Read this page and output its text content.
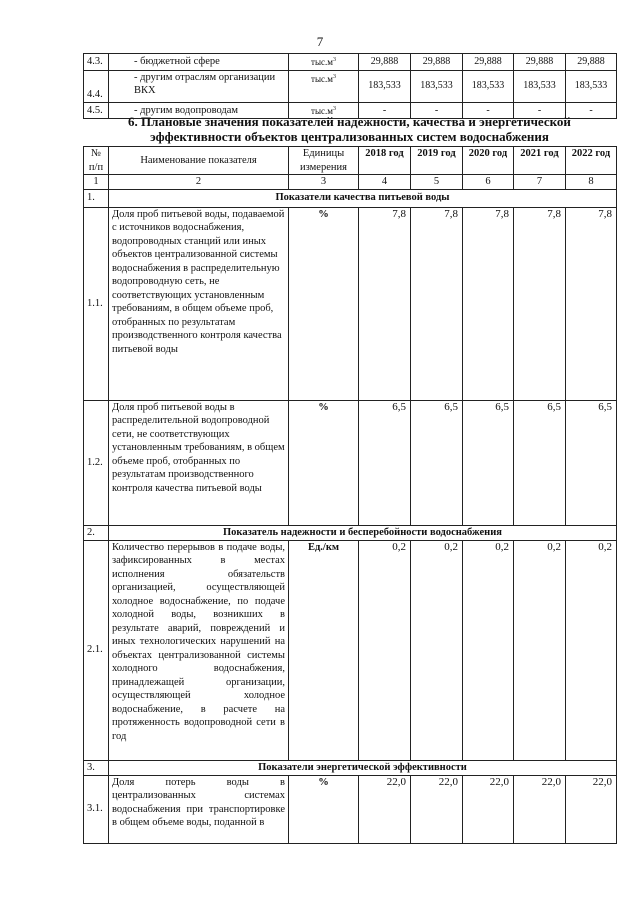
7
4.3.	- бюджетной сфере	$тыс.м^3$	29,888	29,888	29,888	29,888	29,888
4.4.	- другим отраслям организации ВКХ	$тыс.м^3$	183,533	183,533	183,533	183,533	183,533
4.5.	- другим водопроводам	$тыс.м^3$	-	-	-	-	-
6. Плановые значения показателей надежности, качества и энергетической эффективности объектов централизованных систем водоснабжения
№ п/п	Наименование показателя	Единицы измерения	2018 год	2019 год	2020 год	2021 год	2022 год
1	2	3	4	5	6	7	8
1.	Показатели качества питьевой воды						
1.1.	Доля проб питьевой воды, подаваемой с источников водоснабжения, водопроводных станций или иных объектов централизованной системы водоснабжения в распределительную водопроводную сеть, не соответствующих установленным требованиям, в общем объеме проб, отобранных по результатам производственного контроля качества питьевой воды	%	7,8	7,8	7,8	7,8	7,8
1.2.	Доля проб питьевой воды в распределительной водопроводной сети, не соответствующих установленным требованиям, в общем объеме проб, отобранных по результатам производственного контроля качества питьевой воды	%	6,5	6,5	6,5	6,5	6,5
2.	Показатель надежности и бесперебойности водоснабжения						
2.1.	Количество перерывов в подаче воды, зафиксированных в местах исполнения обязательств организацией, осуществляющей холодное водоснабжение, по подаче холодной воды, возникших в результате аварий, повреждений и иных технологических нарушений на объектах централизованной системы холодного водоснабжения, принадлежащей организации, осуществляющей холодное водоснабжение, в расчете на протяженность водопроводной сети в год	Ед./км	0,2	0,2	0,2	0,2	0,2
3.	Показатели энергетической эффективности						
3.1.	Доля потерь воды в централизованных системах водоснабжения при транспортировке в общем объеме воды, поданной в	%	22,0	22,0	22,0	22,0	22,0
